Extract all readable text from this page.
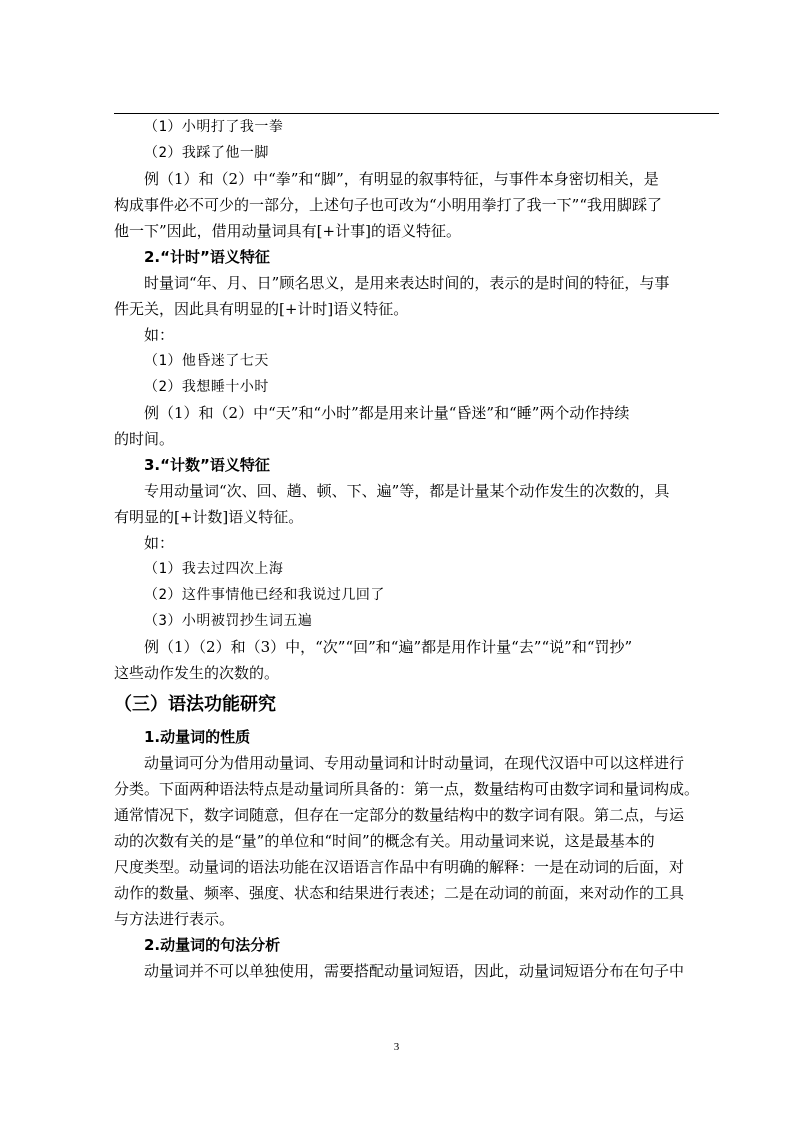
（1）小明打了我一拳
（2）我踩了他一脚
例（1）和（2）中“拳”和“脚”，有明显的叙事特征，与事件本身密切相关，是
构成事件必不可少的一部分，上述句子也可改为“小明用拳打了我一下”“我用脚踩了
他一下”因此，借用动量词具有[+计事]的语义特征。
2.“计时”语义特征
时量词“年、月、日”顾名思义，是用来表达时间的，表示的是时间的特征，与事
件无关，因此具有明显的[+计时]语义特征。
如：
（1）他昏迷了七天
（2）我想睡十小时
例（1）和（2）中“天”和“小时”都是用来计量“昏迷”和“睡”两个动作持续
的时间。
3.“计数”语义特征
专用动量词“次、回、趟、顿、下、遍”等，都是计量某个动作发生的次数的，具
有明显的[+计数]语义特征。
如：
（1）我去过四次上海
（2）这件事情他已经和我说过几回了
（3）小明被罚抄生词五遍
例（1）（2）和（3）中，“次”“回”和“遍”都是用作计量“去”“说”和“罚抄”
这些动作发生的次数的。
（三）语法功能研究
1.动量词的性质
动量词可分为借用动量词、专用动量词和计时动量词，在现代汉语中可以这样进行
分类。下面两种语法特点是动量词所具备的：第一点，数量结构可由数字词和量词构成。
通常情况下，数字词随意，但存在一定部分的数量结构中的数字词有限。第二点，与运
动的次数有关的是“量”的单位和“时间”的概念有关。用动量词来说，这是最基本的
尺度类型。动量词的语法功能在汉语语言作品中有明确的解释：一是在动词的后面，对
动作的数量、频率、强度、状态和结果进行表述；二是在动词的前面，来对动作的工具
与方法进行表示。
2.动量词的句法分析
动量词并不可以单独使用，需要搭配动量词短语，因此，动量词短语分布在句子中
3
